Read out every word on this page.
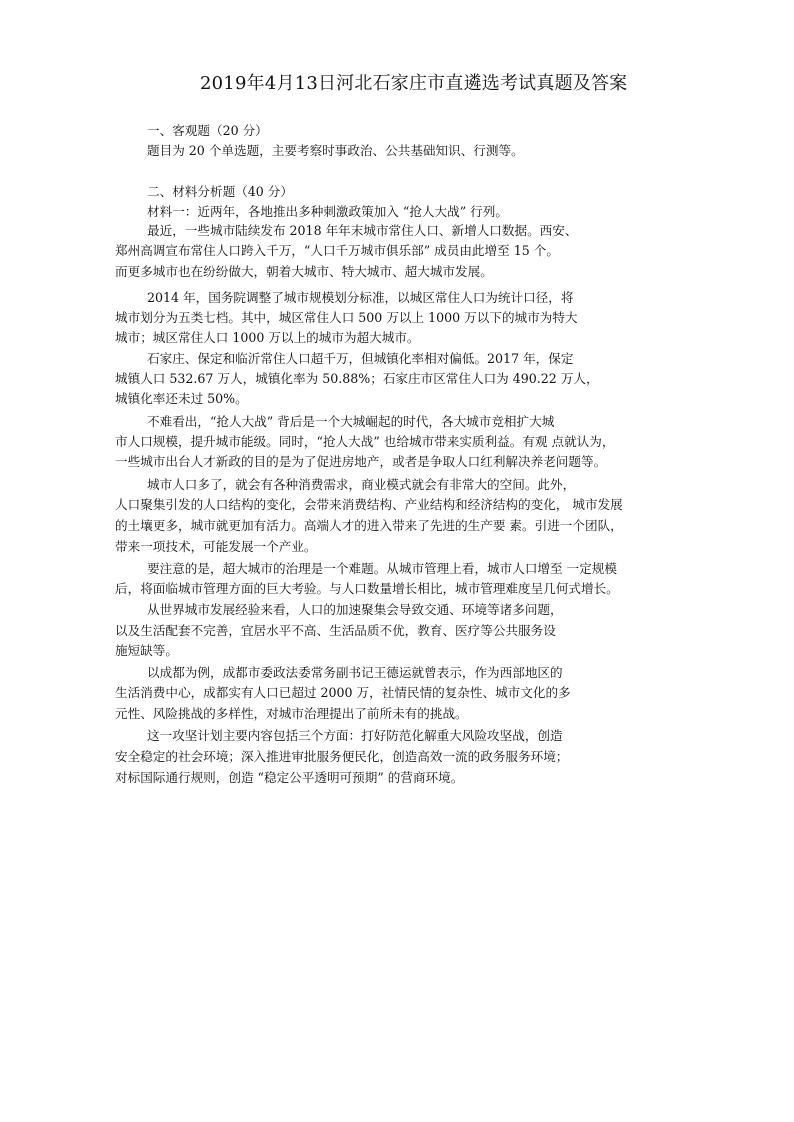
2019年4月13日河北石家庄市直遴选考试真题及答案
一、客观题（20 分）
题目为 20 个单选题，主要考察时事政治、公共基础知识、行测等。
二、材料分析题（40 分）
材料一：近两年，各地推出多种刺激政策加入 “抢人大战” 行列。
最近，一些城市陆续发布 2018 年年末城市常住人口、新增人口数据。西安、
郑州高调宣布常住人口跨入千万，“人口千万城市俱乐部” 成员由此增至 15 个。
而更多城市也在纷纷做大，朝着大城市、特大城市、超大城市发展。
2014 年，国务院调整了城市规模划分标准，以城区常住人口为统计口径，将
城市划分为五类七档。其中，城区常住人口 500 万以上 1000 万以下的城市为特大
城市；城区常住人口 1000 万以上的城市为超大城市。
石家庄、保定和临沂常住人口超千万，但城镇化率相对偏低。2017 年，保定
城镇人口 532.67 万人，城镇化率为 50.88%；石家庄市区常住人口为 490.22 万人，
城镇化率还未过 50%。
不难看出，“抢人大战” 背后是一个大城崛起的时代，各大城市竞相扩大城
市人口规模，提升城市能级。同时，“抢人大战” 也给城市带来实质利益。有观 点就认为，
一些城市出台人才新政的目的是为了促进房地产，或者是争取人口红利解决养老问题等。
城市人口多了，就会有各种消费需求，商业模式就会有非常大的空间。此外，
人口聚集引发的人口结构的变化，会带来消费结构、产业结构和经济结构的变化， 城市发展
的土壤更多，城市就更加有活力。高端人才的进入带来了先进的生产要 素。引进一个团队，
带来一项技术，可能发展一个产业。
要注意的是，超大城市的治理是一个难题。从城市管理上看，城市人口增至 一定规模
后，将面临城市管理方面的巨大考验。与人口数量增长相比，城市管理难度呈几何式增长。
从世界城市发展经验来看，人口的加速聚集会导致交通、环境等诸多问题，
以及生活配套不完善，宜居水平不高、生活品质不优，教育、医疗等公共服务设
施短缺等。
以成都为例，成都市委政法委常务副书记王德运就曾表示，作为西部地区的
生活消费中心，成都实有人口已超过 2000 万，社情民情的复杂性、城市文化的多
元性、风险挑战的多样性，对城市治理提出了前所未有的挑战。
这一攻坚计划主要内容包括三个方面：打好防范化解重大风险攻坚战，创造
安全稳定的社会环境；深入推进审批服务便民化，创造高效一流的政务服务环境；
对标国际通行规则，创造 “稳定公平透明可预期” 的营商环境。
